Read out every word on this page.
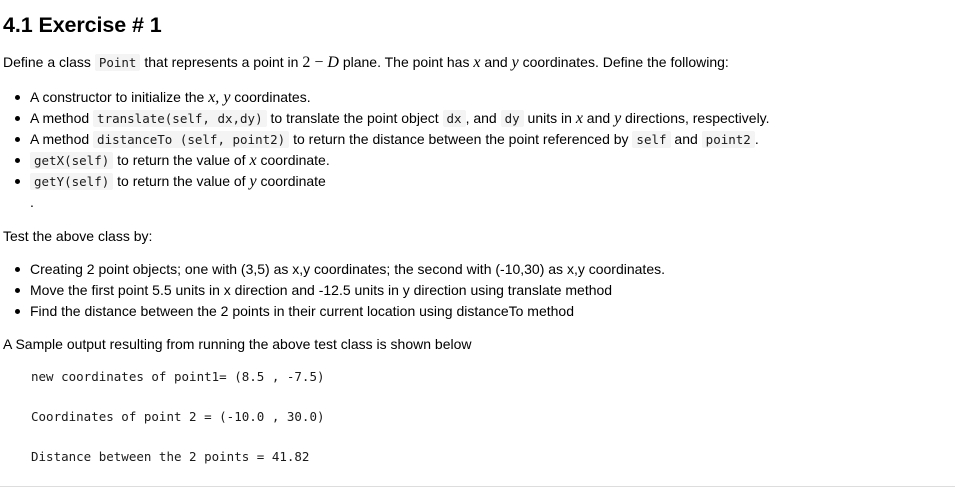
4.1 Exercise # 1

Define a class Point that represents a point in 2 − D plane. The point has x and y coordinates. Define the following:

A constructor to initialize the x, y coordinates.
A method translate(self, dx,dy) to translate the point object dx , and dy units in x and y directions, respectively.
A method distanceTo (self, point2) to return the distance between the point referenced by self and point2 .
getX(self) to return the value of x coordinate.
getY(self) to return the value of y coordinate
.

Test the above class by:

Creating 2 point objects; one with (3,5) as x,y coordinates; the second with (-10,30) as x,y coordinates.
Move the first point 5.5 units in x direction and -12.5 units in y direction using translate method
Find the distance between the 2 points in their current location using distanceTo method

A Sample output resulting from running the above test class is shown below

new coordinates of point1= (8.5 , -7.5)
Coordinates of point 2 = (-10.0 , 30.0)
Distance between the 2 points = 41.82
